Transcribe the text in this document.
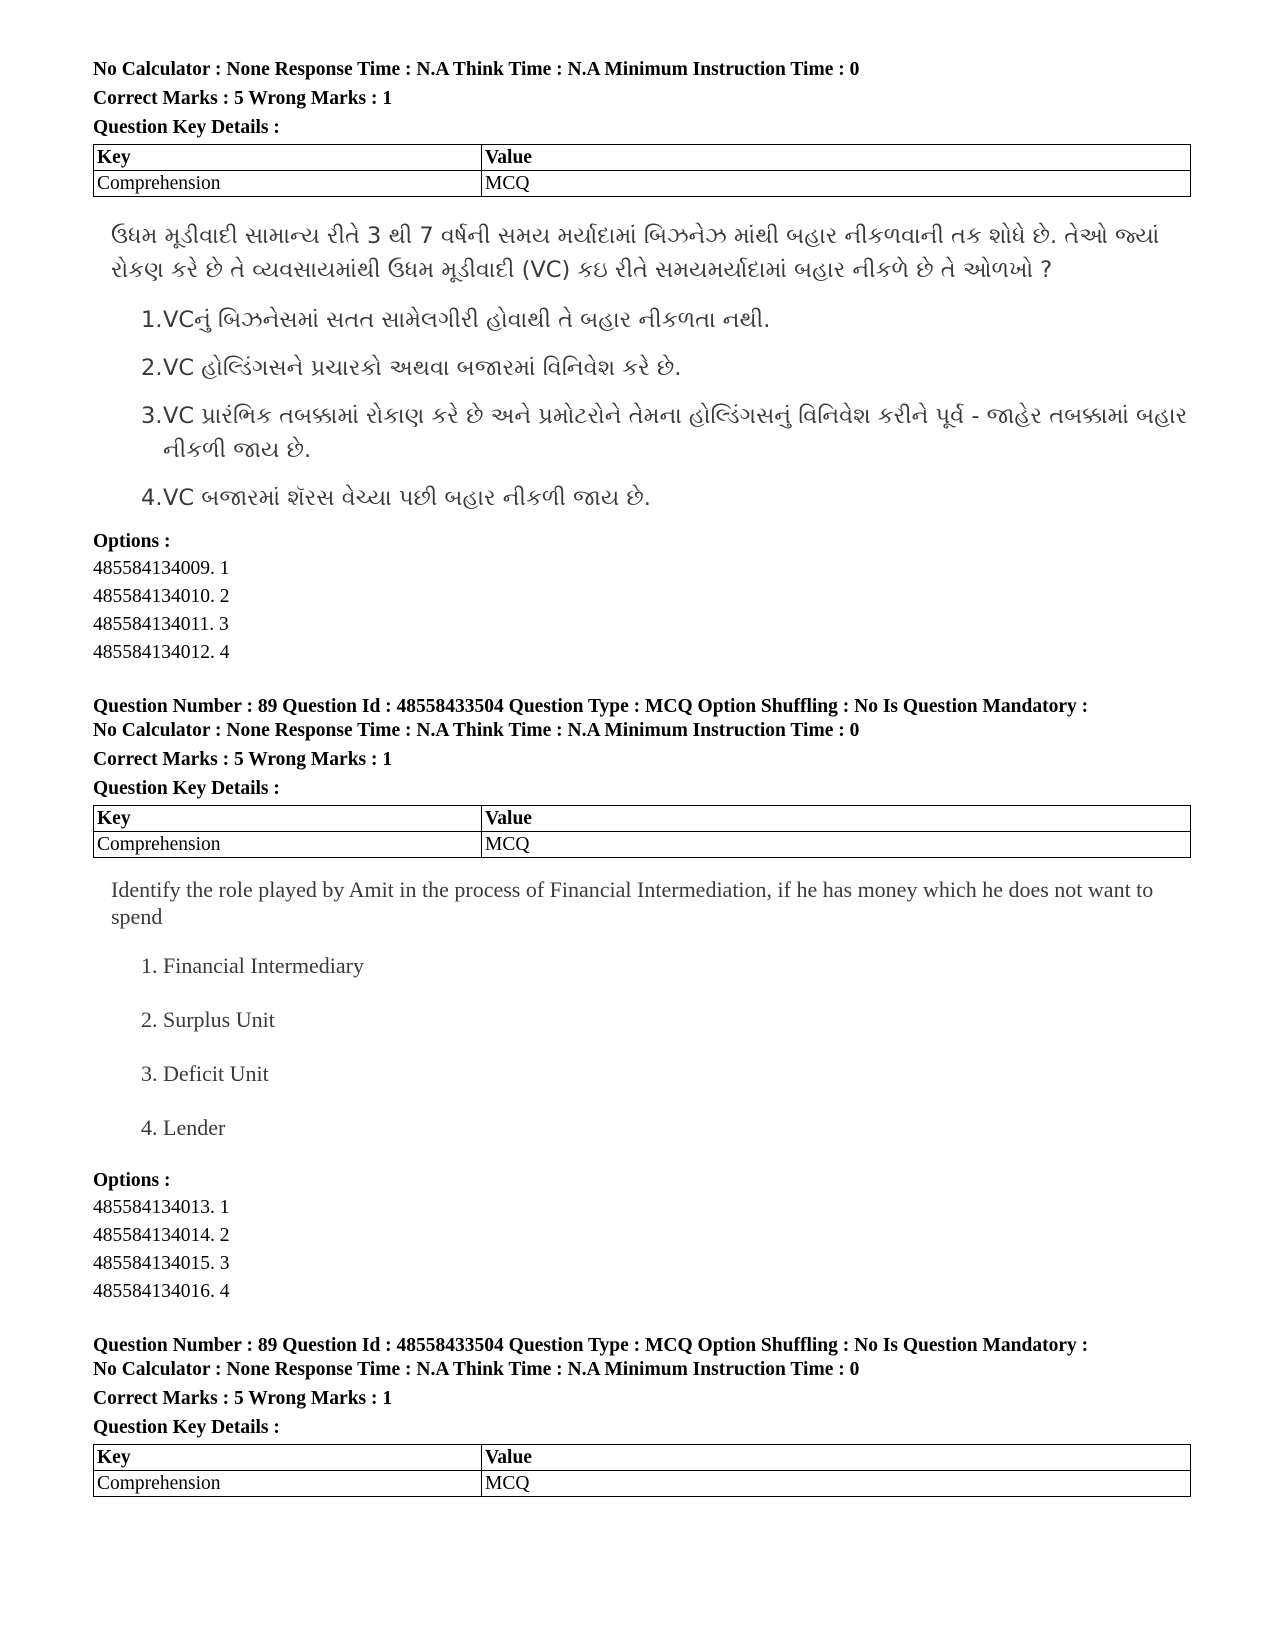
No Calculator : None Response Time : N.A Think Time : N.A Minimum Instruction Time : 0
Correct Marks : 5 Wrong Marks : 1
Question Key Details :
Key	Value
Comprehension	MCQ
ઉધમ મૂડીવાદી સામાન્ય રીતે 3 થી 7 વર્ષની સમય મર્યાદામાં બિઝનેઝ માંથી બહાર નીકળવાની તક શોધે છે. તેઓ જ્યાં રોકણ કરે છે તે વ્યવસાયમાંથી ઉધમ મૂડીવાદી (VC) કઇ રીતે સમયમર્યાદામાં બહાર નીકળે છે તે ઓળખો ?
1. VCનું બિઝનેસમાં સતત સામેલગીરી હોવાથી તે બહાર નીકળતા નથી.
2. VC હોલ્ડિંગસને પ્રચારકો અથવા બજારમાં વિનિવેશ કરે છે.
3. VC પ્રારંભિક તબક્કામાં રોકાણ કરે છે અને પ્રમોટરોને તેમના હોલ્ડિંગસનું વિનિવેશ કરીને પૂર્વ - જાહેર તબક્કામાં બહાર નીકળી જાય છે.
4. VC બજારમાં શૅરસ વેચ્યા પછી બહાર નીકળી જાય છે.
Options :
485584134009. 1
485584134010. 2
485584134011. 3
485584134012. 4
Question Number : 89 Question Id : 48558433504 Question Type : MCQ Option Shuffling : No Is Question Mandatory :
No Calculator : None Response Time : N.A Think Time : N.A Minimum Instruction Time : 0
Correct Marks : 5 Wrong Marks : 1
Question Key Details :
Key	Value
Comprehension	MCQ
Identify the role played by Amit in the process of Financial Intermediation, if he has money which he does not want to spend
1. Financial Intermediary
2. Surplus Unit
3. Deficit Unit
4. Lender
Options :
485584134013. 1
485584134014. 2
485584134015. 3
485584134016. 4
Question Number : 89 Question Id : 48558433504 Question Type : MCQ Option Shuffling : No Is Question Mandatory :
No Calculator : None Response Time : N.A Think Time : N.A Minimum Instruction Time : 0
Correct Marks : 5 Wrong Marks : 1
Question Key Details :
Key	Value
Comprehension	MCQ
